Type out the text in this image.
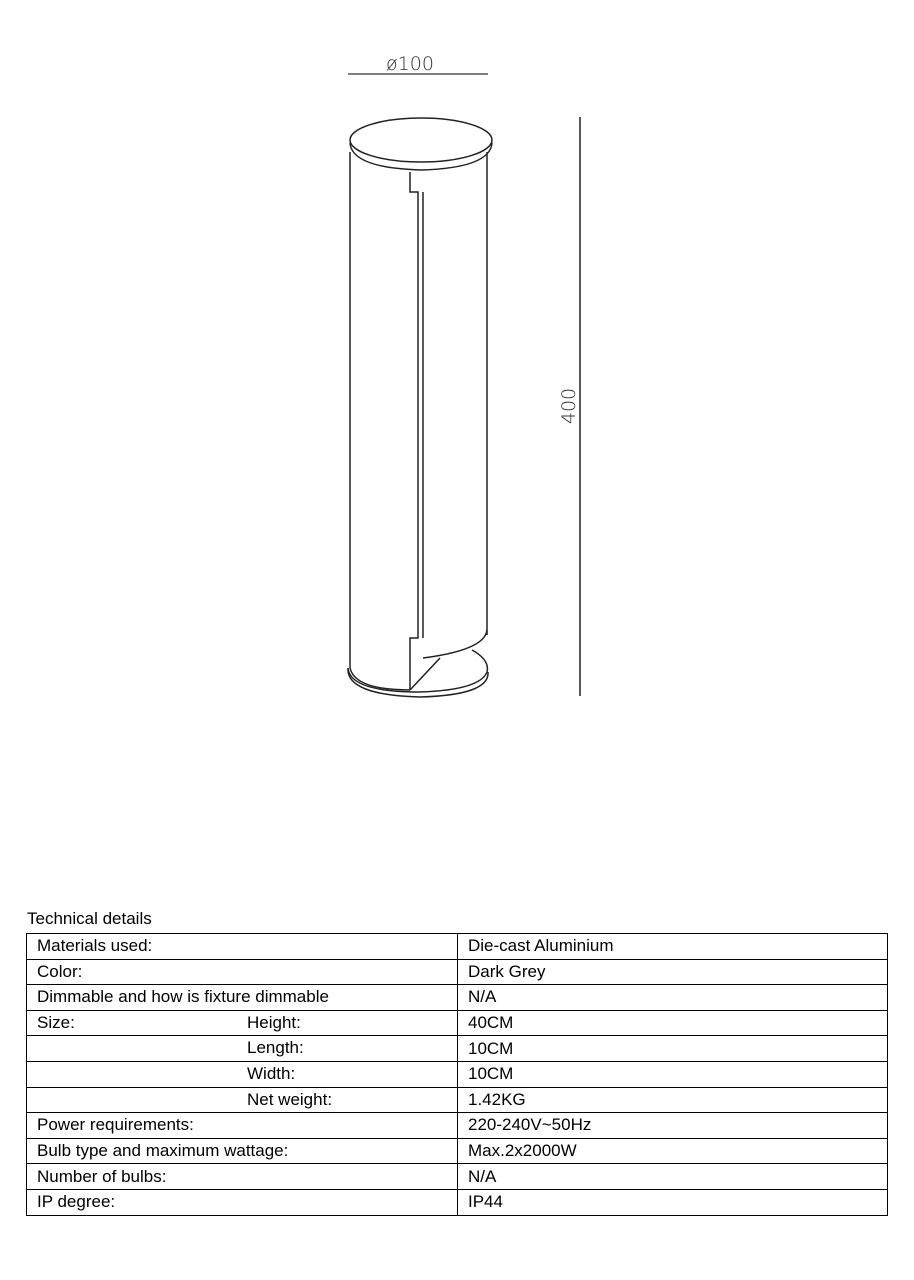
ø100
400
Technical details
Materials used:	Die-cast Aluminium
Color:	Dark Grey
Dimmable and how is fixture dimmable	N/A
Size: Height:	40CM

Length:	10CM

Width:	10CM

Net weight:	1.42KG
Power requirements:	220-240V~50Hz
Bulb type and maximum wattage:	Max.2x2000W
Number of bulbs:	N/A
IP degree:	IP44
